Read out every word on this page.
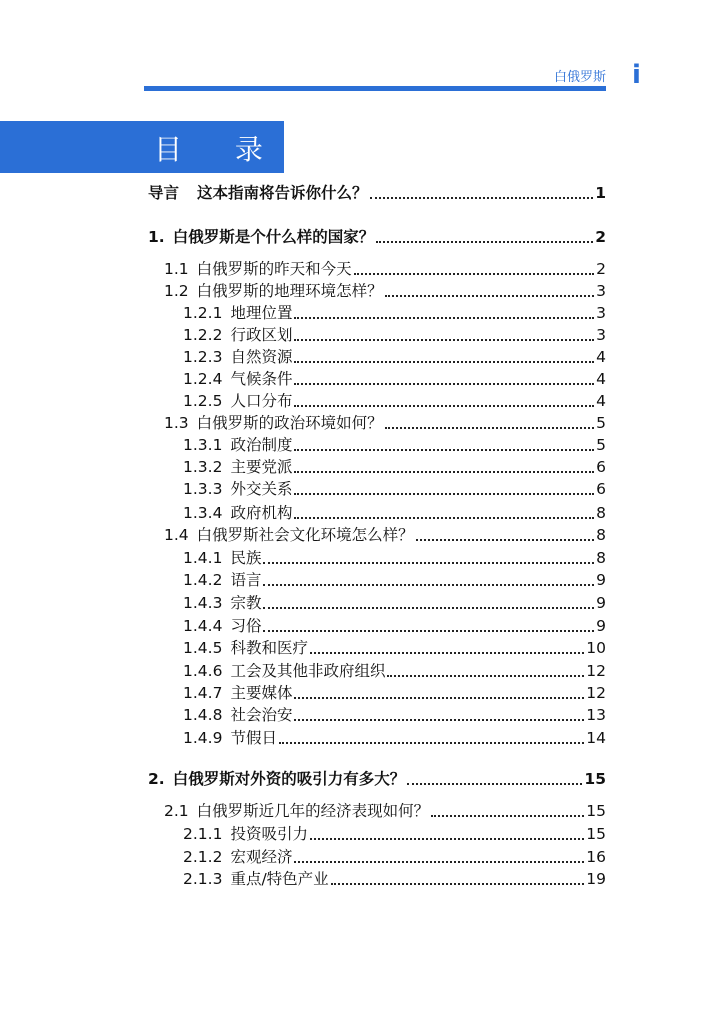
白俄罗斯 i
目 录
导言 这本指南将告诉你什么？	1
1. 白俄罗斯是个什么样的国家？	2
1.1 白俄罗斯的昨天和今天	2
1.2 白俄罗斯的地理环境怎样？	3
1.2.1 地理位置	3
1.2.2 行政区划	3
1.2.3 自然资源	4
1.2.4 气候条件	4
1.2.5 人口分布	4
1.3 白俄罗斯的政治环境如何？	5
1.3.1 政治制度	5
1.3.2 主要党派	6
1.3.3 外交关系	6
1.3.4 政府机构	8
1.4 白俄罗斯社会文化环境怎么样？	8
1.4.1 民族	8
1.4.2 语言	9
1.4.3 宗教	9
1.4.4 习俗	9
1.4.5 科教和医疗	10
1.4.6 工会及其他非政府组织	12
1.4.7 主要媒体	12
1.4.8 社会治安	13
1.4.9 节假日	14
2. 白俄罗斯对外资的吸引力有多大？	15
2.1 白俄罗斯近几年的经济表现如何？	15
2.1.1 投资吸引力	15
2.1.2 宏观经济	16
2.1.3 重点/特色产业	19
